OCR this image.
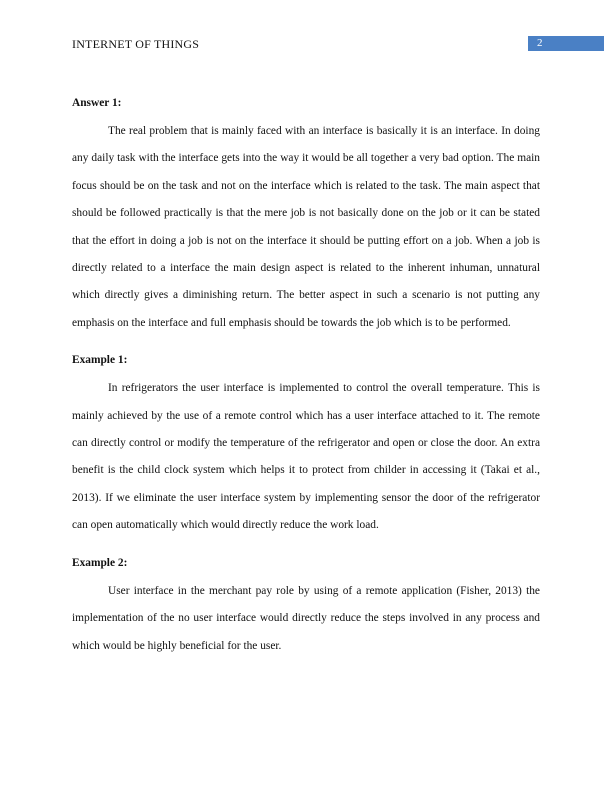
INTERNET OF THINGS	2

Answer 1:

The real problem that is mainly faced with an interface is basically it is an interface. In doing any daily task with the interface gets into the way it would be all together a very bad option. The main focus should be on the task and not on the interface which is related to the task. The main aspect that should be followed practically is that the mere job is not basically done on the job or it can be stated that the effort in doing a job is not on the interface it should be putting effort on a job. When a job is directly related to a interface the main design aspect is related to the inherent inhuman, unnatural which directly gives a diminishing return. The better aspect in such a scenario is not putting any emphasis on the interface and full emphasis should be towards the job which is to be performed.

Example 1:

In refrigerators the user interface is implemented to control the overall temperature. This is mainly achieved by the use of a remote control which has a user interface attached to it. The remote can directly control or modify the temperature of the refrigerator and open or close the door. An extra benefit is the child clock system which helps it to protect from childer in accessing it (Takai et al., 2013). If we eliminate the user interface system by implementing sensor the door of the refrigerator can open automatically which would directly reduce the work load.

Example 2:

User interface in the merchant pay role by using of a remote application (Fisher, 2013) the implementation of the no user interface would directly reduce the steps involved in any process and which would be highly beneficial for the user.
